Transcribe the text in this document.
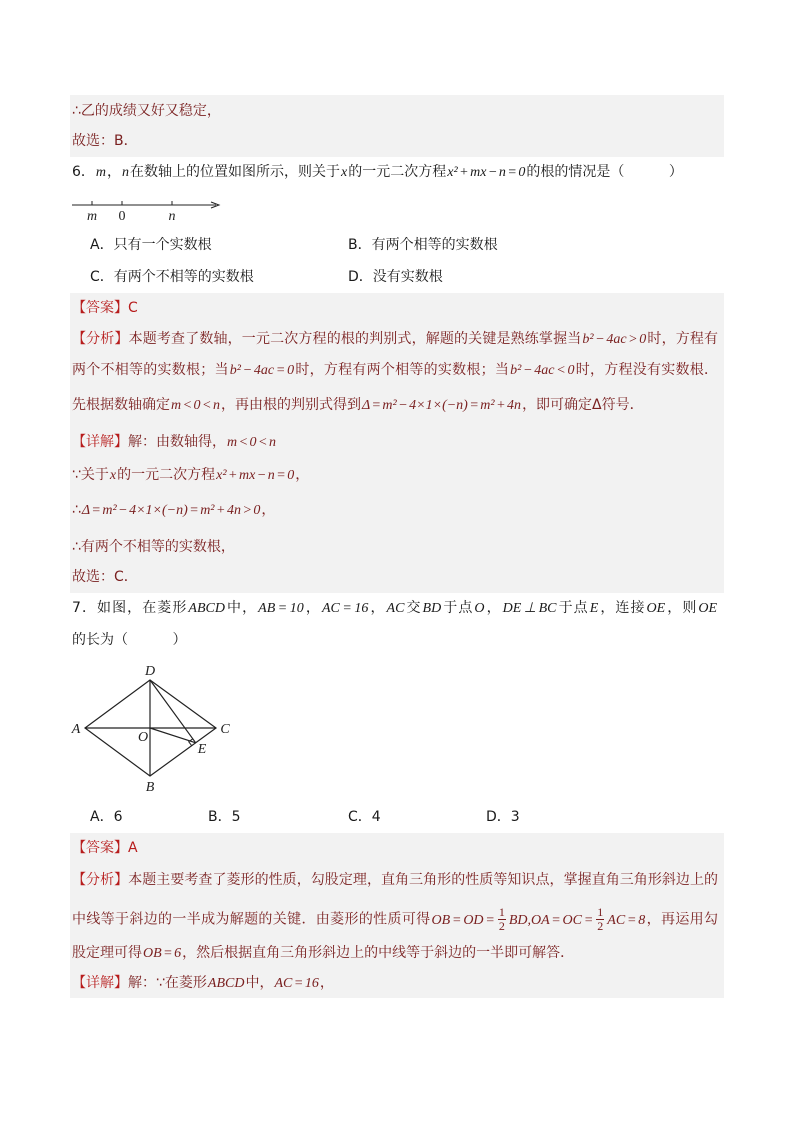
∴乙的成绩又好又稳定，
故选：B．
6．m，n在数轴上的位置如图所示，则关于x的一元二次方程x² + mx − n = 0的根的情况是（          ）
m 0	n
A．只有一个实数根	B．有两个相等的实数根
C．有两个不相等的实数根	D．没有实数根
【答案】C
【分析】本题考查了数轴，一元二次方程的根的判别式，解题的关键是熟练掌握当b² − 4ac > 0时，方程有
两个不相等的实数根；当b² − 4ac = 0时，方程有两个相等的实数根；当b² − 4ac < 0时，方程没有实数根．
先根据数轴确定m < 0 < n，再由根的判别式得到Δ = m² − 4×1×(−n) = m² + 4n，即可确定Δ符号．
【详解】解：由数轴得，m < 0 < n
∵关于x的一元二次方程x² + mx − n = 0，
∴Δ = m² − 4×1×(−n) = m² + 4n > 0，
∴有两个不相等的实数根，
故选：C．
7．如图，在菱形ABCD中，AB = 10，AC = 16，AC交BD于点O，DE ⊥ BC于点E，连接OE，则OE
的长为（          ）
A
B
C
D
O
E
A．6	B．5	C．4	D．3
【答案】A
【分析】本题主要考查了菱形的性质，勾股定理，直角三角形的性质等知识点，掌握直角三角形斜边上的
中线等于斜边的一半成为解题的关键．由菱形的性质可得OB = OD = $\frac{1}{2} BD,OA$ = OC = $\frac{1}{2}$ AC = 8，再运用勾
股定理可得OB = 6，然后根据直角三角形斜边上的中线等于斜边的一半即可解答．
【详解】解：∵在菱形ABCD中，AC = 16，
